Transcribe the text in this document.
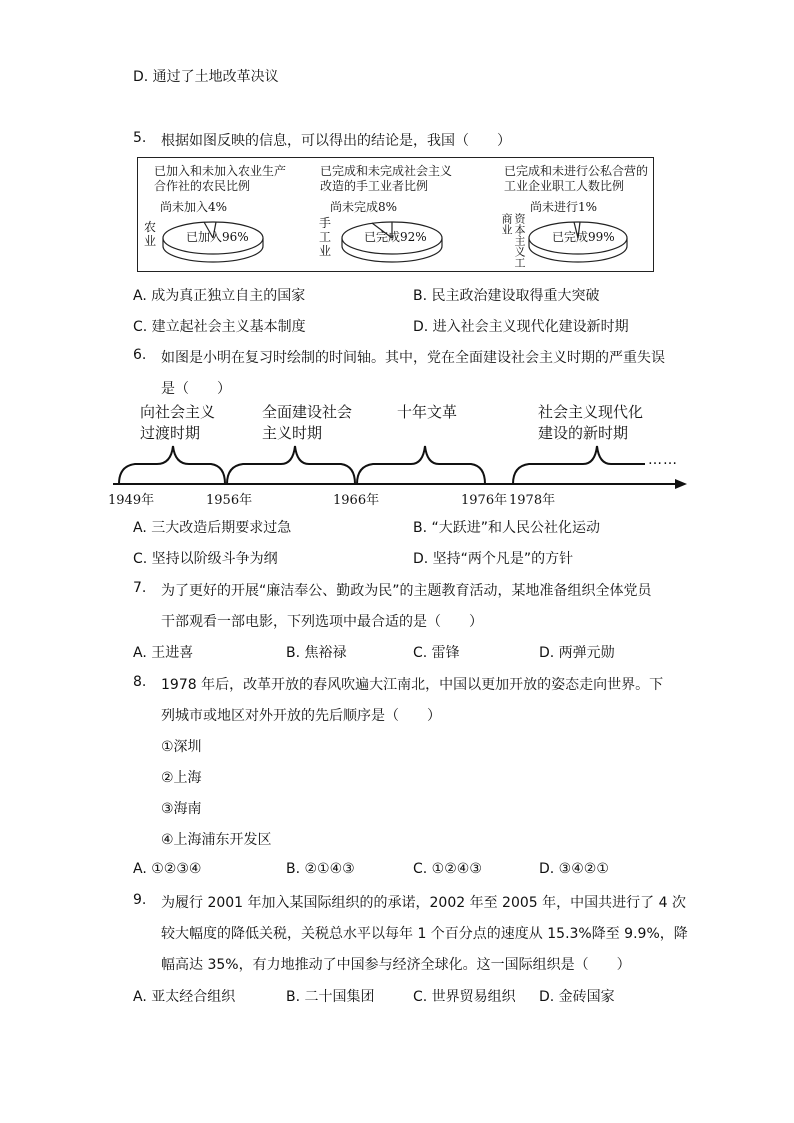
D. 通过了土地改革决议
5. 根据如图反映的信息，可以得出的结论是，我国（　　）
已加入和未加入农业生产
合作社的农民比例
尚未加入4%
农业 已加入96%
已完成和未完成社会主义
改造的手工业者比例
尚未完成8%
手工业
已完成92%
已完成和未进行公私合营的
工业企业职工人数比例
尚未进行1%
资本主义工商业
已完成99%
A. 成为真正独立自主的国家	B. 民主政治建设取得重大突破
C. 建立起社会主义基本制度	D. 进入社会主义现代化建设新时期
6. 如图是小明在复习时绘制的时间轴。其中，党在全面建设社会主义时期的严重失误
是（　　）
向社会主义
过渡时期
全面建设社会
主义时期
十年文革	社会主义现代化
建设的新时期
……
1949年	1956年	1966年	1976年 1978年
A. 三大改造后期要求过急	B. “大跃进”和人民公社化运动
C. 坚持以阶级斗争为纲	D. 坚持“两个凡是”的方针
7. 为了更好的开展“廉洁奉公、勤政为民”的主题教育活动，某地准备组织全体党员
干部观看一部电影，下列选项中最合适的是（　　）
A. 王进喜	B. 焦裕禄	C. 雷锋	D. 两弹元勋
8. 1978 年后，改革开放的春风吹遍大江南北，中国以更加开放的姿态走向世界。下
列城市或地区对外开放的先后顺序是（　　）
①深圳
②上海
③海南
④上海浦东开发区
A. ①②③④	B. ②①④③	C. ①②④③	D. ③④②①
9. 为履行 2001 年加入某国际组织的的承诺，2002 年至 2005 年，中国共进行了 4 次
较大幅度的降低关税，关税总水平以每年 1 个百分点的速度从 15.3%降至 9.9%，降
幅高达 35%，有力地推动了中国参与经济全球化。这一国际组织是（　　）
A. 亚太经合组织	B. 二十国集团	C. 世界贸易组织 D. 金砖国家
